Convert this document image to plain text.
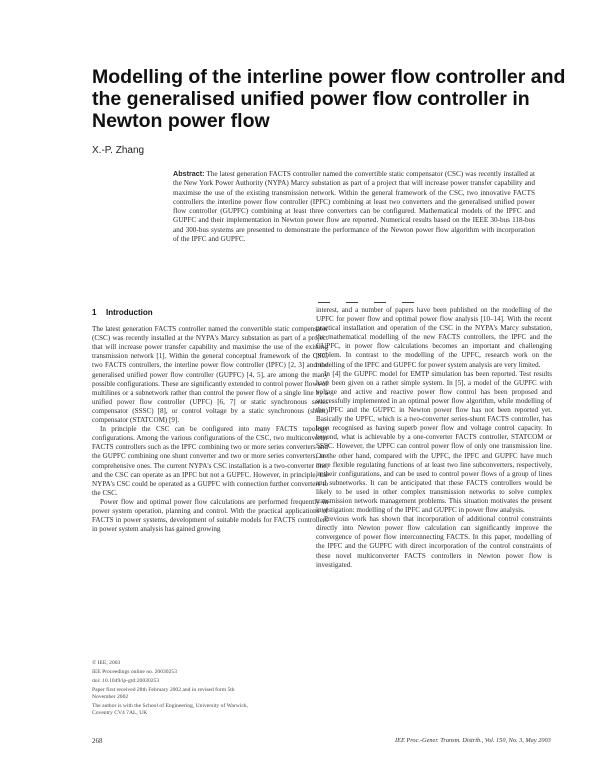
Modelling of the interline power flow controller and
the generalised unified power flow controller in
Newton power flow
X.-P. Zhang
Abstract: The latest generation FACTS controller named the convertible static compensator (CSC) was recently installed at the New York Power Authority (NYPA) Marcy substation as part of a project that will increase power transfer capability and maximise the use of the existing transmission network. Within the general framework of the CSC, two innovative FACTS controllers the interline power flow controller (IPFC) combining at least two converters and the generalised unified power flow controller (GUPFC) combining at least three converters can be configured. Mathematical models of the IPFC and GUPFC and their implementation in Newton power flow are reported. Numerical results based on the IEEE 30-bus 118-bus and 300-bus systems are presented to demonstrate the performance of the Newton power flow algorithm with incorporation of the IPFC and GUPFC.
1 Introduction

The latest generation FACTS controller named the convertible static compensator (CSC) was recently installed at the NYPA's Marcy substation as part of a project that will increase power transfer capability and maximise the use of the existing transmission network [1]. Within the general conceptual framework of the CSC, two FACTS controllers, the interline power flow controller (IPFC) [2, 3] and the generalised unified power flow controller (GUPFC) [4, 5], are among the many possible configurations. These are significantly extended to control power flows of multilines or a subnetwork rather than control the power flow of a single line by a unified power flow controller (UPFC) [6, 7] or static synchronous series compensator (SSSC) [8], or control voltage by a static synchronous (shunt) compensator (STATCOM) [9].

In principle the CSC can be configured into many FACTS topology configurations. Among the various configurations of the CSC, two multiconverter FACTS controllers such as the IPFC combining two or more series converters and the GUPFC combining one shunt converter and two or more series converters, are comprehensive ones. The current NYPA's CSC installation is a two-converter one, and the CSC can operate as an IPFC but not a GUPFC. However, in principle, the NYPA's CSC could be operated as a GUPFC with connection further converters to the CSC.

Power flow and optimal power flow calculations are performed frequently in power system operation, planning and control. With the practical applications of FACTS in power systems, development of suitable models for FACTS controllers in power system analysis has gained growing

interest, and a number of papers have been published on the modelling of the UPFC for power flow and optimal power flow analysis [10–14]. With the recent practical installation and operation of the CSC in the NYPA's Marcy substation, the mathematical modelling of the new FACTS controllers, the IPFC and the GUPFC, in power flow calculations becomes an important and challenging problem. In contrast to the modelling of the UPFC, research work on the modelling of the IPFC and GUPFC for power system analysis are very limited.

In [4] the GUPFC model for EMTP simulation has been reported. Test results have been given on a rather simple system. In [5], a model of the GUPFC with voltage and active and reactive power flow control has been proposed and successfully implemented in an optimal power flow algorithm, while modelling of the IPFC and the GUPFC in Newton power flow has not been reported yet. Basically the UPFC, which is a two-converter series-shunt FACTS controller, has been recognised as having superb power flow and voltage control capacity. In beyond, what is achievable by a one-converter FACTS controller, STATCOM or SSSC. However, the UPFC can control power flow of only one transmission line. On the other hand, compared with the UPFC, the IPFC and GUPFC have much more flexible regulating functions of at least two line subconverters, respectively, in their configurations, and can be used to control power flows of a group of lines and subnetworks. It can be anticipated that these FACTS controllers would be likely to be used in other complex transmission networks to solve complex transmission network management problems. This situation motivates the present investigation: modelling of the IPFC and GUPFC in power flow analysis.

Previous work has shown that incorporation of additional control constraints directly into Newton power flow calculation can significantly improve the convergence of power flow interconnecting FACTS. In this paper, modelling of the IPFC and the GUPFC with direct incorporation of the control constraints of these novel multiconverter FACTS controllers in Newton power flow is investigated.

© IEE, 2003
IEE Proceedings online no. 20030253
doi: 10.1049/ip-gtd:20030253
Paper first received 28th February 2002 and in revised form 5th November 2002
The author is with the School of Engineering, University of Warwick, Coventry CV4 7AL, UK
268	IEE Proc.-Gener. Transm. Distrib., Vol. 150, No. 3, May 2003
